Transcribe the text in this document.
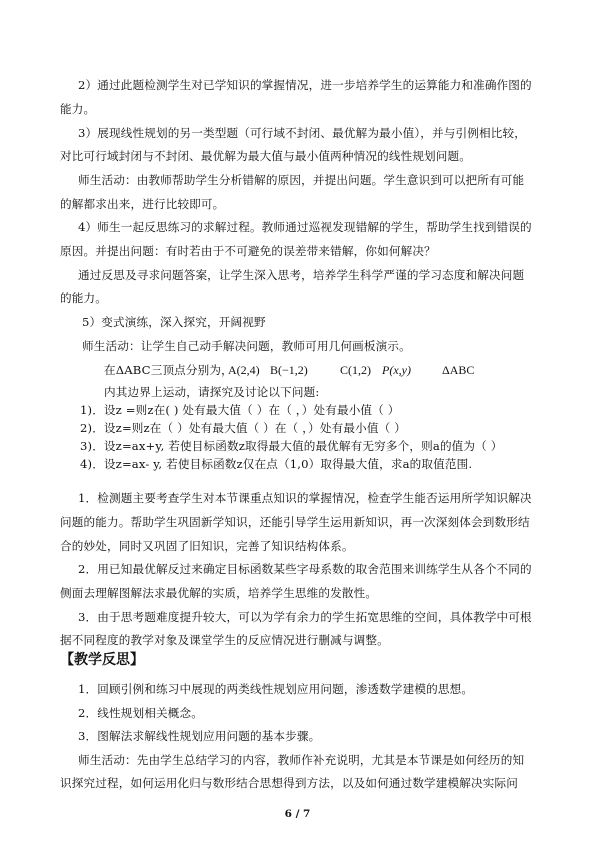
2）通过此题检测学生对已学知识的掌握情况，进一步培养学生的运算能力和准确作图的
能力。
3）展现线性规划的另一类型题（可行域不封闭、最优解为最小值），并与引例相比较，
对比可行域封闭与不封闭、最优解为最大值与最小值两种情况的线性规划问题。
师生活动：由教师帮助学生分析错解的原因，并提出问题。学生意识到可以把所有可能
的解都求出来，进行比较即可。
4）师生一起反思练习的求解过程。教师通过巡视发现错解的学生，帮助学生找到错误的
原因。并提出问题：有时若由于不可避免的误差带来错解，你如何解决？
通过反思及寻求问题答案，让学生深入思考，培养学生科学严谨的学习态度和解决问题
的能力。
5）变式演练，深入探究，开阔视野
师生活动：让学生自己动手解决问题，教师可用几何画板演示。
在ΔABC三顶点分别为，
A(2,4) B(−1,2)	C(1,2) P(x,y)	ΔABC
内其边界上运动，请探究及讨论以下问题:
1)．设z =则z在( ) 处有最大值（ ）在（ ，）处有最小值（ ）
2)．设z=则z在（ ）处有最大值（ ）在（ ，）处有最小值（ ）
3)．设z=ax+y, 若使目标函数z取得最大值的最优解有无穷多个，则a的值为（ ）
4)．设z=ax- y, 若使目标函数z仅在点（1,0）取得最大值，求a的取值范围.
1．检测题主要考查学生对本节课重点知识的掌握情况，检查学生能否运用所学知识解决
问题的能力。帮助学生巩固新学知识，还能引导学生运用新知识，再一次深刻体会到数形结
合的妙处，同时又巩固了旧知识，完善了知识结构体系。
2．用已知最优解反过来确定目标函数某些字母系数的取舍范围来训练学生从各个不同的
侧面去理解图解法求最优解的实质，培养学生思维的发散性。
3．由于思考题难度提升较大，可以为学有余力的学生拓宽思维的空间，具体教学中可根
据不同程度的教学对象及课堂学生的反应情况进行删减与调整。
【教学反思】
1．回顾引例和练习中展现的两类线性规划应用问题，渗透数学建模的思想。
2．线性规划相关概念。
3．图解法求解线性规划应用问题的基本步骤。
师生活动：先由学生总结学习的内容，教师作补充说明，尤其是本节课是如何经历的知
识探究过程，如何运用化归与数形结合思想得到方法，以及如何通过数学建模解决实际问
6 / 7
